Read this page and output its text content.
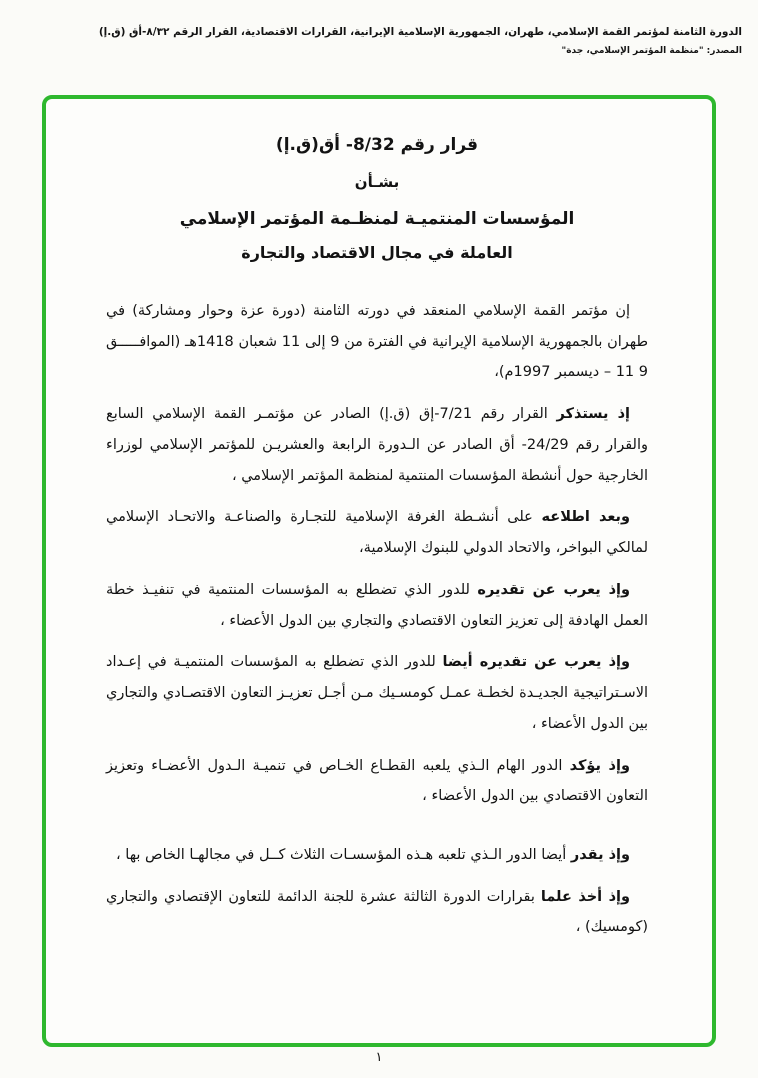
الدورة الثامنة لمؤتمر القمة الإسلامي، طهران، الجمهورية الإسلامية الإيرانية، القرارات الاقتصادية، القرار الرقم ٨/٣٢-أق (ق.إ)
المصدر: "منظمة المؤتمر الإسلامي، جدة"
قرار رقم 8/32- أق(ق.إ)
بشـأن
المؤسسات المنتميـة لمنظـمة المؤتمر الإسلامي
العاملة في مجال الاقتصاد والتجارة

إن مؤتمر القمة الإسلامي المنعقد في دورته الثامنة (دورة عزة وحوار ومشاركة) في طهران بالجمهورية الإسلامية الإيرانية في الفترة من 9 إلى 11 شعبان 1418هـ (الموافـــــق 9 ‎– 11 ديسمبر 1997م)،

إذ يستذكر القرار رقم 7/21-إق (ق.إ) الصادر عن مؤتمـر القمة الإسلامي السابع والقرار رقم 24/29- أق الصادر عن الـدورة الرابعة والعشريـن للمؤتمر الإسلامي لوزراء الخارجية حول أنشطة المؤسسات المنتمية لمنظمة المؤتمر الإسلامي ،

وبعد اطلاعه على أنشـطة الغرفة الإسلامية للتجـارة والصناعـة والاتحـاد الإسلامي لمالكي البواخر، والاتحاد الدولي للبنوك الإسلامية،

وإذ يعرب عن تقديره للدور الذي تضطلع به المؤسسات المنتمية في تنفيـذ خطة العمل الهادفة إلى تعزيز التعاون الاقتصادي والتجاري بين الدول الأعضاء ،

وإذ يعرب عن تقديره أيضا للدور الذي تضطلع به المؤسسات المنتميـة في إعـداد الاسـتراتيجية الجديـدة لخطـة عمـل كومسـيك مـن أجـل تعزيـز التعاون الاقتصـادي والتجاري بين الدول الأعضاء ،

وإذ يؤكد الدور الهام الـذي يلعبه القطـاع الخـاص في تنميـة الـدول الأعضـاء وتعزيز التعاون الاقتصادي بين الدول الأعضاء ،

وإذ يقدر أيضا الدور الـذي تلعبه هـذه المؤسسـات الثلاث كــل في مجالهـا الخاص بها ،

وإذ أخذ علما بقرارات الدورة الثالثة عشرة للجنة الدائمة للتعاون الإقتصادي والتجاري (كومسيك) ،

١
